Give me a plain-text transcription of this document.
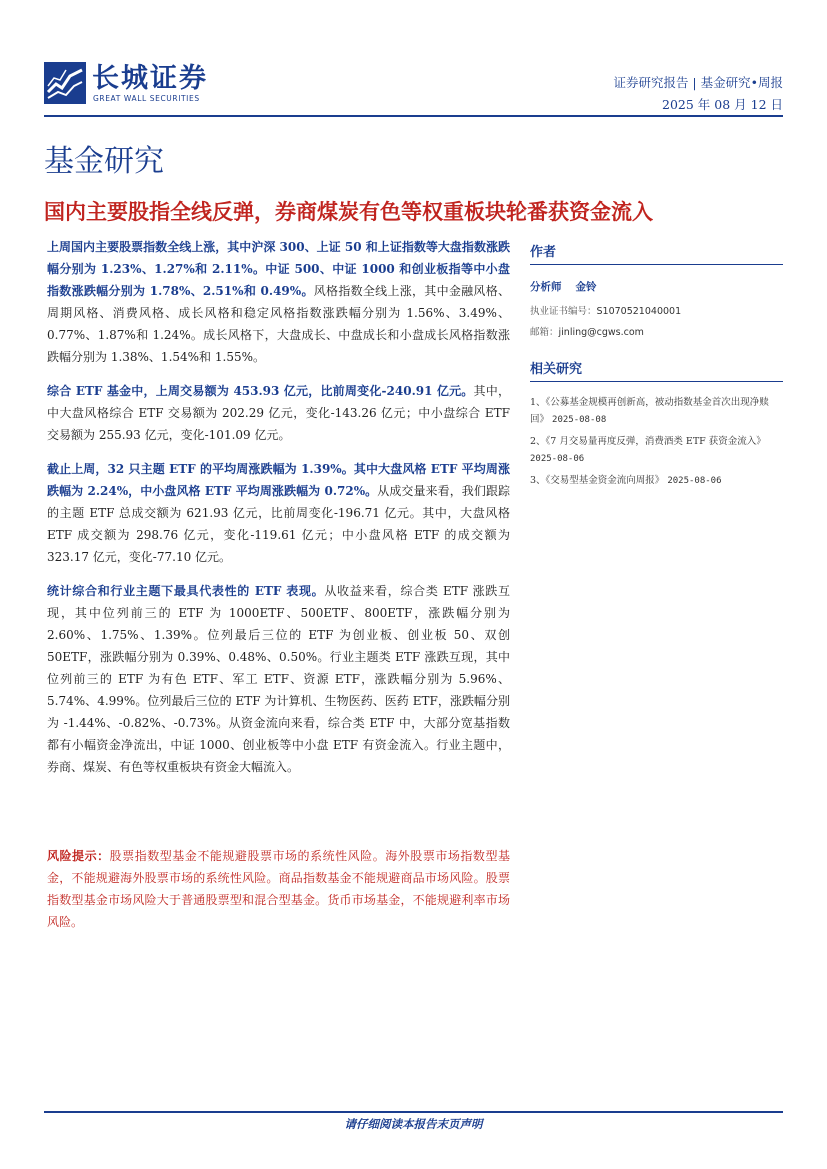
长城证券
GREAT WALL SECURITIES
证券研究报告 | 基金研究•周报
2025 年 08 月 12 日
基金研究
国内主要股指全线反弹，券商煤炭有色等权重板块轮番获资金流入

上周国内主要股票指数全线上涨，其中沪深 300、上证 50 和上证指数等大盘指数涨跌幅分别为 1.23%、1.27%和 2.11%。中证 500、中证 1000 和创业板指等中小盘指数涨跌幅分别为 1.78%、2.51%和 0.49%。风格指数全线上涨，其中金融风格、周期风格、消费风格、成长风格和稳定风格指数涨跌幅分别为 1.56%、3.49%、0.77%、1.87%和 1.24%。成长风格下，大盘成长、中盘成长和小盘成长风格指数涨跌幅分别为 1.38%、1.54%和 1.55%。

综合 ETF 基金中，上周交易额为 453.93 亿元，比前周变化-240.91 亿元。其中，中大盘风格综合 ETF 交易额为 202.29 亿元，变化-143.26 亿元；中小盘综合 ETF 交易额为 255.93 亿元，变化-101.09 亿元。

截止上周，32 只主题 ETF 的平均周涨跌幅为 1.39%。其中大盘风格 ETF 平均周涨跌幅为 2.24%，中小盘风格 ETF 平均周涨跌幅为 0.72%。从成交量来看，我们跟踪的主题 ETF 总成交额为 621.93 亿元，比前周变化-196.71 亿元。其中，大盘风格 ETF 成交额为 298.76 亿元，变化-119.61 亿元；中小盘风格 ETF 的成交额为 323.17 亿元，变化-77.10 亿元。

统计综合和行业主题下最具代表性的 ETF 表现。从收益来看，综合类 ETF 涨跌互现，其中位列前三的 ETF 为 1000ETF、500ETF、800ETF，涨跌幅分别为 2.60%、1.75%、1.39%。位列最后三位的 ETF 为创业板、创业板 50、双创 50ETF，涨跌幅分别为 0.39%、0.48%、0.50%。行业主题类 ETF 涨跌互现，其中位列前三的 ETF 为有色 ETF、军工 ETF、资源 ETF，涨跌幅分别为 5.96%、5.74%、4.99%。位列最后三位的 ETF 为计算机、生物医药、医药 ETF，涨跌幅分别为 -1.44%、-0.82%、-0.73%。从资金流向来看，综合类 ETF 中，大部分宽基指数都有小幅资金净流出，中证 1000、创业板等中小盘 ETF 有资金流入。行业主题中，券商、煤炭、有色等权重板块有资金大幅流入。

风险提示：股票指数型基金不能规避股票市场的系统性风险。海外股票市场指数型基金，不能规避海外股票市场的系统性风险。商品指数基金不能规避商品市场风险。股票指数型基金市场风险大于普通股票型和混合型基金。货币市场基金，不能规避利率市场风险。
作者
分析师 金铃
执业证书编号：S1070521040001
邮箱：jinling@cgws.com
相关研究
1、《公募基金规模再创新高，被动指数基金首次出现净赎回》 2025-08-08
2、《7 月交易量再度反弹，消费酒类 ETF 获资金流入》 2025-08-06
3、《交易型基金资金流向周报》 2025-08-06
请仔细阅读本报告末页声明
